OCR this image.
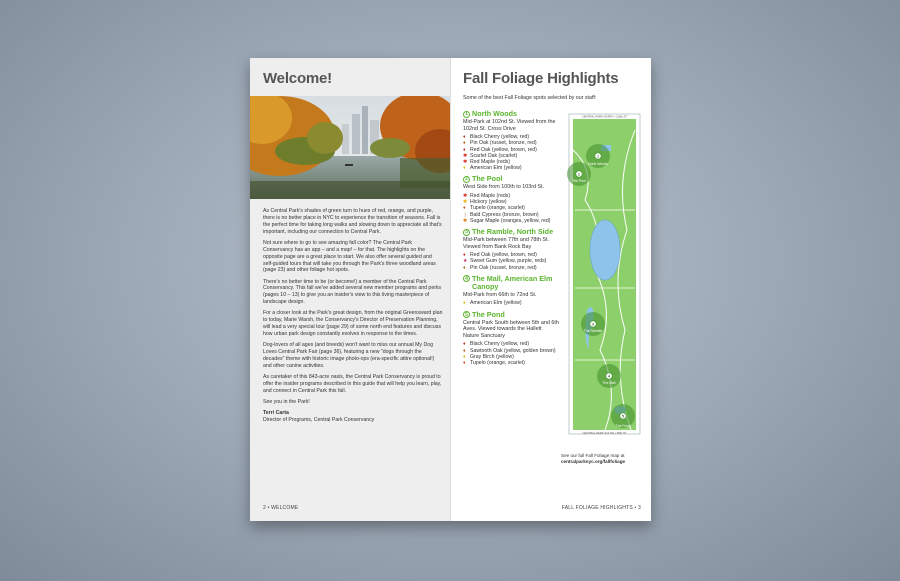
Welcome!

As Central Park's shades of green turn to hues of red, orange, and purple, there is no better place in NYC to experience the transition of seasons. Fall is the perfect time for taking long walks and slowing down to appreciate all that's important, including our connection to Central Park.

Not sure where to go to see amazing fall color? The Central Park Conservancy has an app – and a map! – for that. The highlights on the opposite page are a great place to start. We also offer several guided and self-guided tours that will take you through the Park's three woodland areas (page 23) and other foliage hot spots.

There's no better time to be (or become!) a member of the Central Park Conservancy. This fall we've added several new member programs and perks (pages 10 – 13) to give you an insider's view to this living masterpiece of landscape design.

For a closer look at the Park's great design, from the original Greensward plan to today, Marie Warsh, the Conservancy's Director of Preservation Planning, will lead a very special tour (page 29) of some north end features and discuss how urban park design constantly evolves in response to the times.

Dog-lovers of all ages (and breeds) won't want to miss our annual My Dog Loves Central Park Fair (page 36), featuring a new "dogs through the decades" theme with historic image photo-ops (era-specific attire optional!) and other canine activities.

As caretaker of this 843-acre oasis, the Central Park Conservancy is proud to offer the insider programs described in this guide that will help you learn, play, and connect in Central Park this fall.

See you in the Park!

Terri Carta
Director of Programs, Central Park Conservancy
2 • WELCOME
Fall Foliage Highlights
Some of the best Fall Foliage spots selected by our staff:
1 North Woods
Mid-Park at 102nd St. Viewed from the 102nd St. Cross Drive
♦ Black Cherry (yellow, red)
♦ Pin Oak (russet, bronze, red)
♦ Red Oak (yellow, brown, red)
✱ Scarlet Oak (scarlet)
✱ Red Maple (reds)
♦ American Elm (yellow)
2 The Pool
West Side from 100th to 103rd St.
✱ Red Maple (reds)
✱ Hickory (yellow)
♦ Tupelo (orange, scarlet)
❘ Bald Cypress (bronze, brown)
✱ Sugar Maple (oranges, yellow, red)
3 The Ramble, North Side
Mid-Park between 77th and 78th St. Viewed from Bank Rock Bay
♦ Red Oak (yellow, brown, red)
★ Sweet Gum (yellow, purple, reds)
♦ Pin Oak (russet, bronze, red)
4 The Mall, American Elm Canopy
Mid-Park from 66th to 72nd St.
♦ American Elm (yellow)
5 The Pond
Central Park South between 5th and 6th Aves. Viewed towards the Hallett Nature Sanctuary
♦ Black Cherry (yellow, red)
♦ Sawtooth Oak (yellow, golden brown)
♦ Gray Birch (yellow)
♦ Tupelo (orange, scarlet)
1
2
3
4
5
North Woods
The Pool
The Ramble
The Mall
The Pond
CENTRAL PARK NORTH • 110th ST
CENTRAL PARK SOUTH • 59th ST
See our full Fall Foliage map at
centralparknyc.org/fallfoliage
FALL FOLIAGE HIGHLIGHTS • 3
